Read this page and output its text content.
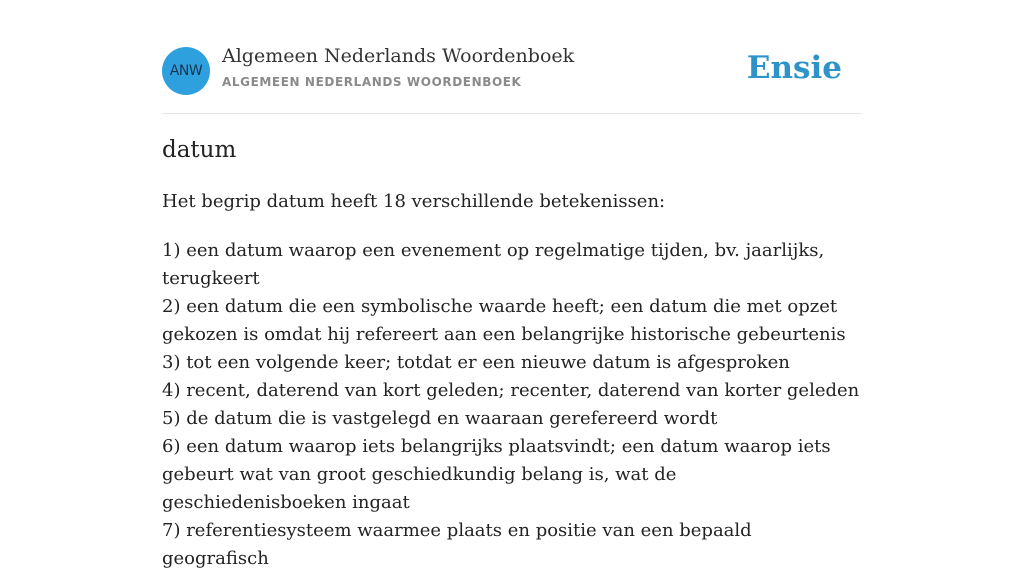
ANW
Algemeen Nederlands Woordenboek
ALGEMEEN NEDERLANDS WOORDENBOEK	Ensie
datum
Het begrip datum heeft 18 verschillende betekenissen:
1) een datum waarop een evenement op regelmatige tijden, bv. jaarlijks, terugkeert
2) een datum die een symbolische waarde heeft; een datum die met opzet gekozen is omdat hij refereert aan een belangrijke historische gebeurtenis
3) tot een volgende keer; totdat er een nieuwe datum is afgesproken
4) recent, daterend van kort geleden; recenter, daterend van korter geleden
5) de datum die is vastgelegd en waaraan gerefereerd wordt
6) een datum waarop iets belangrijks plaatsvindt; een datum waarop iets gebeurt wat van groot geschiedkundig belang is, wat de geschiedenisboeken ingaat
7) referentiesysteem waarmee plaats en positie van een bepaald geografisch
